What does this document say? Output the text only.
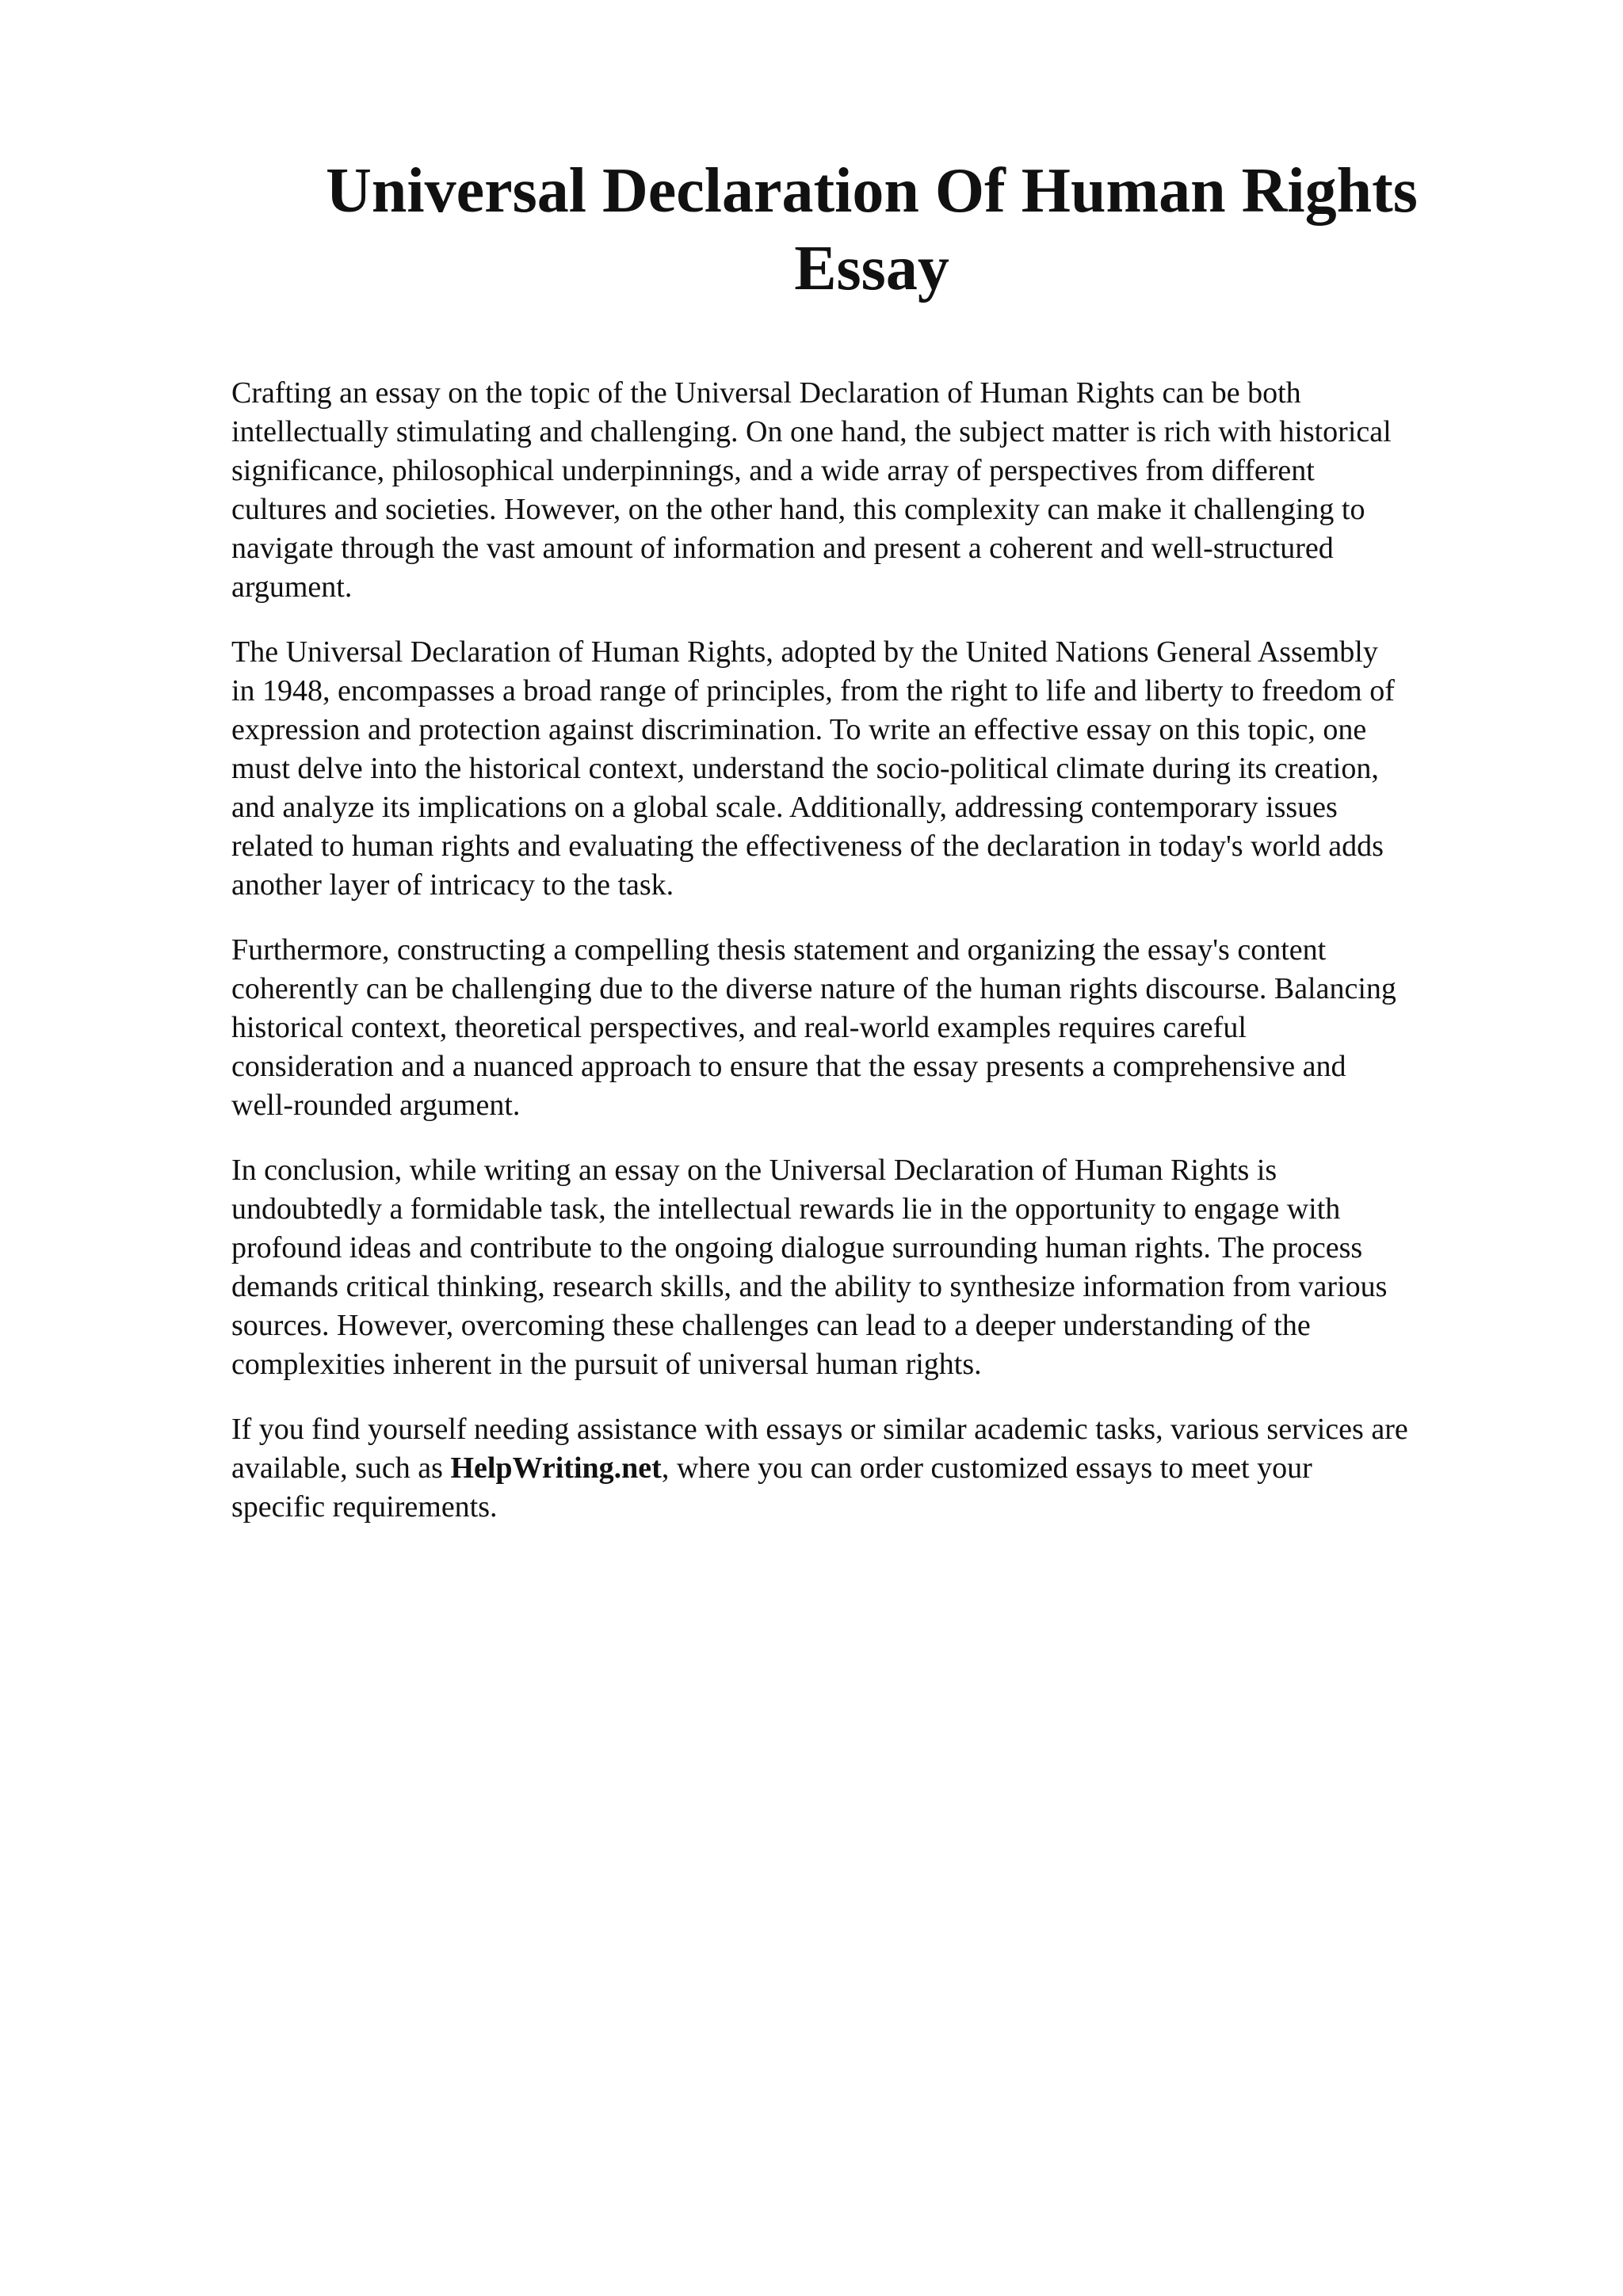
Universal Declaration Of Human Rights
Essay

Crafting an essay on the topic of the Universal Declaration of Human Rights can be both
intellectually stimulating and challenging. On one hand, the subject matter is rich with historical
significance, philosophical underpinnings, and a wide array of perspectives from different
cultures and societies. However, on the other hand, this complexity can make it challenging to
navigate through the vast amount of information and present a coherent and well-structured
argument.

The Universal Declaration of Human Rights, adopted by the United Nations General Assembly
in 1948, encompasses a broad range of principles, from the right to life and liberty to freedom of
expression and protection against discrimination. To write an effective essay on this topic, one
must delve into the historical context, understand the socio-political climate during its creation,
and analyze its implications on a global scale. Additionally, addressing contemporary issues
related to human rights and evaluating the effectiveness of the declaration in today's world adds
another layer of intricacy to the task.

Furthermore, constructing a compelling thesis statement and organizing the essay's content
coherently can be challenging due to the diverse nature of the human rights discourse. Balancing
historical context, theoretical perspectives, and real-world examples requires careful
consideration and a nuanced approach to ensure that the essay presents a comprehensive and
well-rounded argument.

In conclusion, while writing an essay on the Universal Declaration of Human Rights is
undoubtedly a formidable task, the intellectual rewards lie in the opportunity to engage with
profound ideas and contribute to the ongoing dialogue surrounding human rights. The process
demands critical thinking, research skills, and the ability to synthesize information from various
sources. However, overcoming these challenges can lead to a deeper understanding of the
complexities inherent in the pursuit of universal human rights.

If you find yourself needing assistance with essays or similar academic tasks, various services are
available, such as HelpWriting.net, where you can order customized essays to meet your
specific requirements.
